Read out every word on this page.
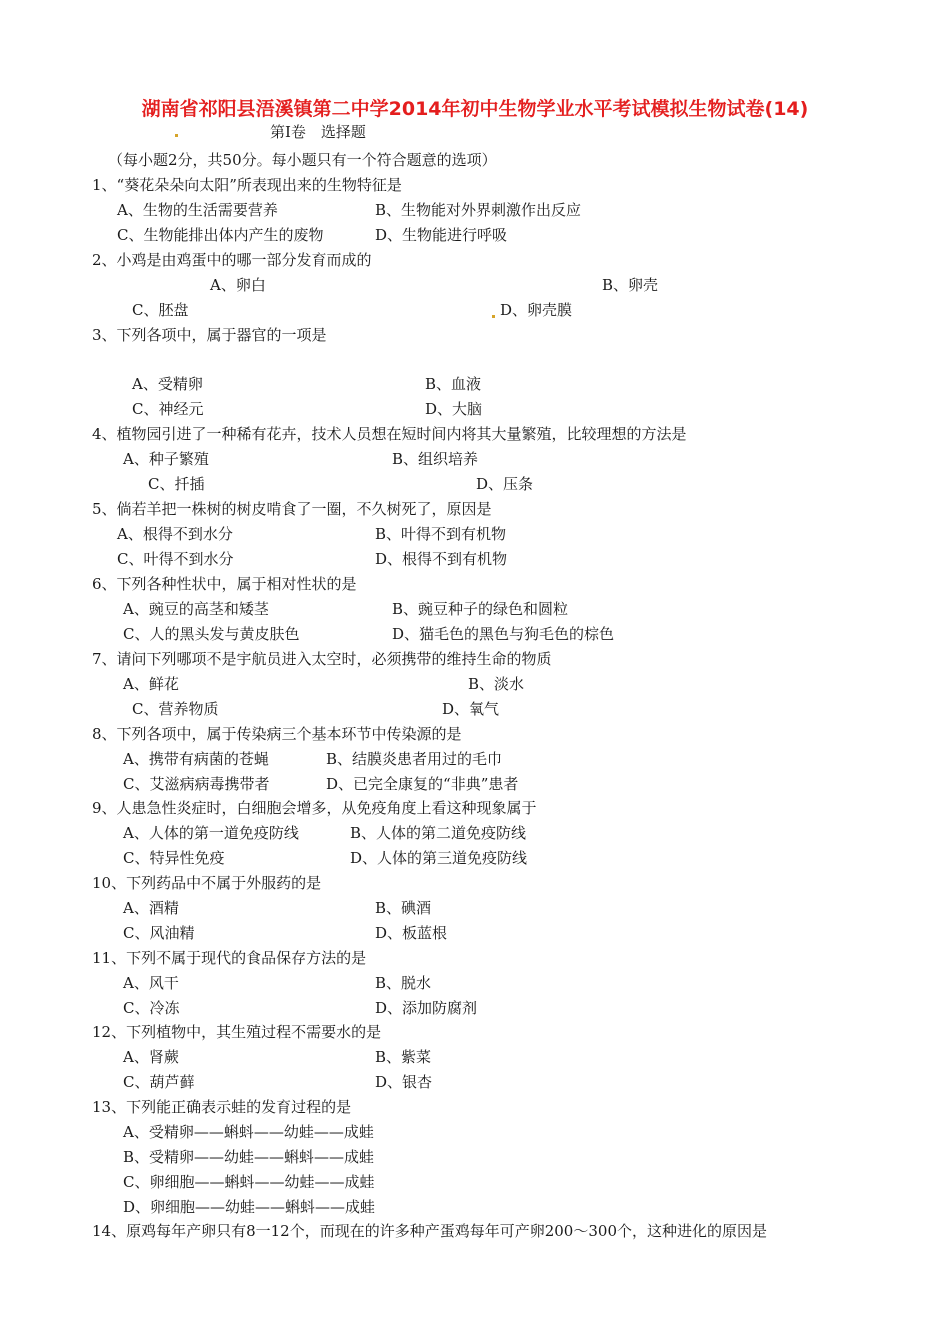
湖南省祁阳县浯溪镇第二中学2014年初中生物学业水平考试模拟生物试卷(14)
第Ⅰ卷　选择题
（每小题2分，共50分。每小题只有一个符合题意的选项）
1、“葵花朵朵向太阳”所表现出来的生物特征是
A、生物的生活需要营养	B、生物能对外界刺激作出反应
C、生物能排出体内产生的废物	D、生物能进行呼吸
2、小鸡是由鸡蛋中的哪一部分发育而成的
A、卵白	B、卵壳
C、胚盘	D、卵壳膜
3、下列各项中，属于器官的一项是
A、受精卵	B、血液
C、神经元	D、大脑
4、植物园引进了一种稀有花卉，技术人员想在短时间内将其大量繁殖，比较理想的方法是
A、种子繁殖	B、组织培养
C、扦插	D、压条
5、倘若羊把一株树的树皮啃食了一圈，不久树死了，原因是
A、根得不到水分	B、叶得不到有机物
C、叶得不到水分	D、根得不到有机物
6、下列各种性状中，属于相对性状的是
A、豌豆的高茎和矮茎	B、豌豆种子的绿色和圆粒
C、人的黑头发与黄皮肤色	D、猫毛色的黑色与狗毛色的棕色
7、请问下列哪项不是宇航员进入太空时，必须携带的维持生命的物质
A、鲜花	B、淡水
C、营养物质	D、氧气
8、下列各项中，属于传染病三个基本环节中传染源的是
A、携带有病菌的苍蝇	B、结膜炎患者用过的毛巾
C、艾滋病病毒携带者	D、已完全康复的“非典”患者
9、人患急性炎症时，白细胞会增多，从免疫角度上看这种现象属于
A、人体的第一道免疫防线	B、人体的第二道免疫防线
C、特异性免疫	D、人体的第三道免疫防线
10、下列药品中不属于外服药的是
A、酒精	B、碘酒
C、风油精	D、板蓝根
11、下列不属于现代的食品保存方法的是
A、风干	B、脱水
C、冷冻	D、添加防腐剂
12、下列植物中，其生殖过程不需要水的是
A、肾蕨	B、紫菜
C、葫芦藓	D、银杏
13、下列能正确表示蛙的发育过程的是
A、受精卵——蝌蚪——幼蛙——成蛙
B、受精卵——幼蛙——蝌蚪——成蛙
C、卵细胞——蝌蚪——幼蛙——成蛙
D、卵细胞——幼蛙——蝌蚪——成蛙
14、原鸡每年产卵只有8一12个，而现在的许多种产蛋鸡每年可产卵200～300个，这种进化的原因是
